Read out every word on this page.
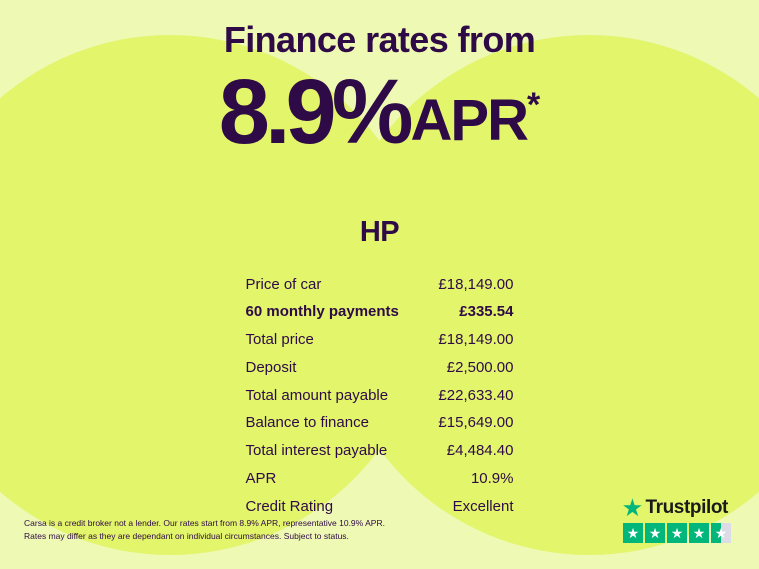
Finance rates from
8.9% APR *
HP
Price of car	£18,149.00
60 monthly payments	£335.54
Total price	£18,149.00
Deposit	£2,500.00
Total amount payable	£22,633.40
Balance to finance	£15,649.00
Total interest payable	£4,484.40
APR	10.9%
Credit Rating	Excellent
Carsa is a credit broker not a lender. Our rates start from 8.9% APR, representative 10.9% APR.
Rates may differ as they are dependant on individual circumstances. Subject to status.
★ Trustpilot
★ ★ ★ ★ ★
